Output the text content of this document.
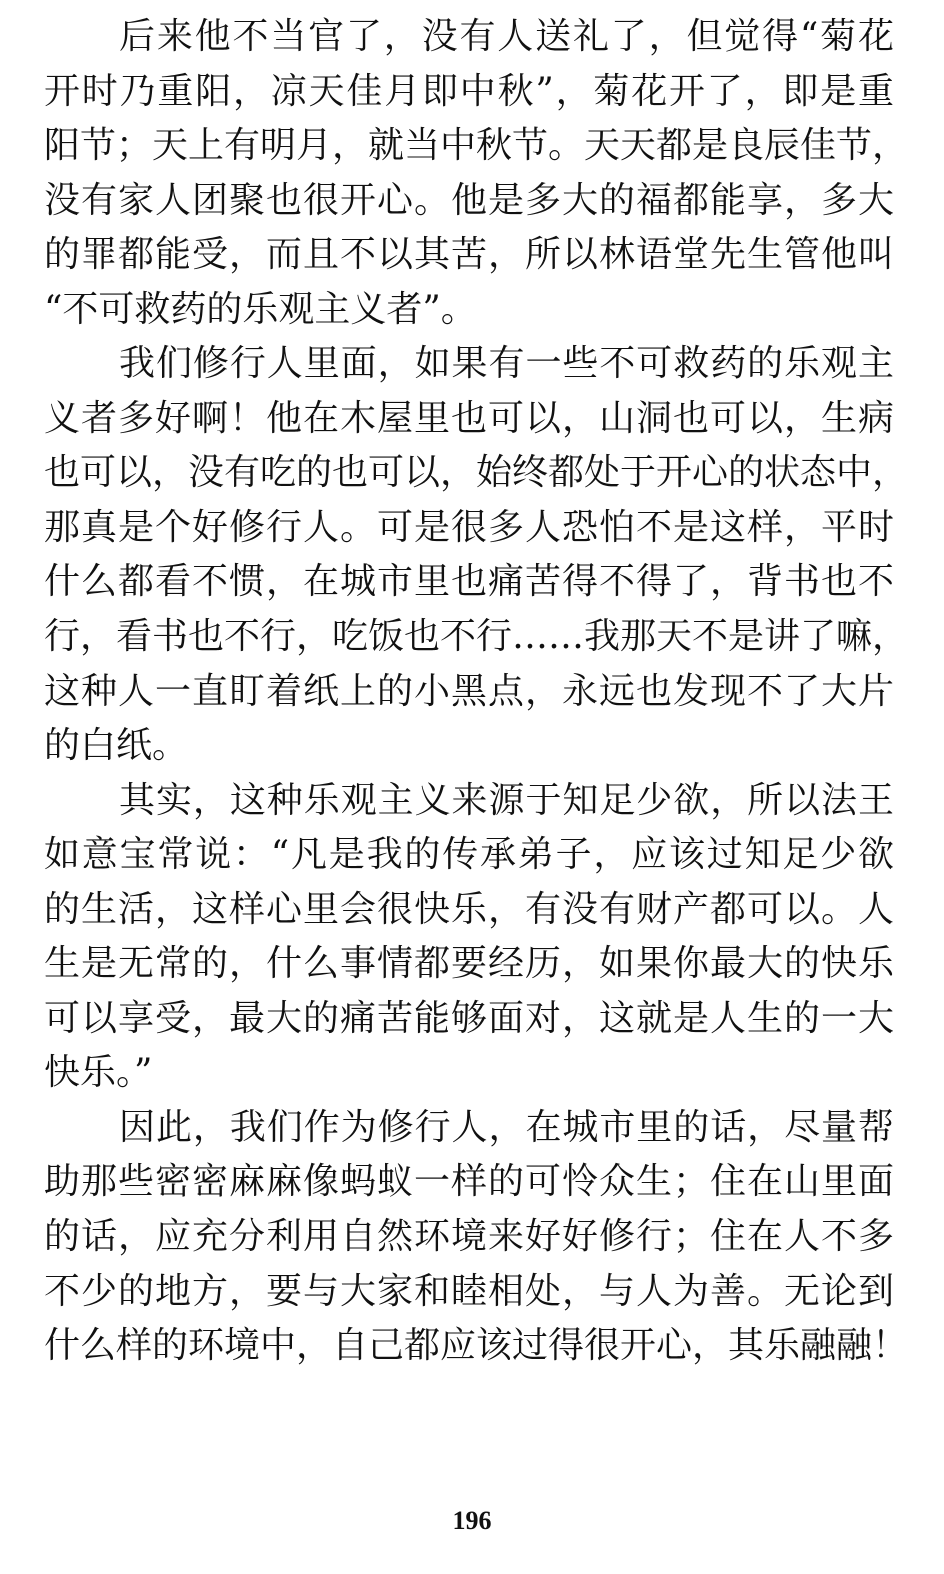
后来他不当官了，没有人送礼了，但觉得“菊花
开时乃重阳，凉天佳月即中秋”，菊花开了，即是重
阳节；天上有明月，就当中秋节。天天都是良辰佳节，
没有家人团聚也很开心。他是多大的福都能享，多大
的罪都能受，而且不以其苦，所以林语堂先生管他叫
“不可救药的乐观主义者”。
我们修行人里面，如果有一些不可救药的乐观主
义者多好啊！他在木屋里也可以，山洞也可以，生病
也可以，没有吃的也可以，始终都处于开心的状态中，
那真是个好修行人。可是很多人恐怕不是这样，平时
什么都看不惯，在城市里也痛苦得不得了，背书也不
行，看书也不行，吃饭也不行……我那天不是讲了嘛，
这种人一直盯着纸上的小黑点，永远也发现不了大片
的白纸。
其实，这种乐观主义来源于知足少欲，所以法王
如意宝常说：“凡是我的传承弟子，应该过知足少欲
的生活，这样心里会很快乐，有没有财产都可以。人
生是无常的，什么事情都要经历，如果你最大的快乐
可以享受，最大的痛苦能够面对，这就是人生的一大
快乐。”
因此，我们作为修行人，在城市里的话，尽量帮
助那些密密麻麻像蚂蚁一样的可怜众生；住在山里面
的话，应充分利用自然环境来好好修行；住在人不多
不少的地方，要与大家和睦相处，与人为善。无论到
什么样的环境中，自己都应该过得很开心，其乐融融！
196
